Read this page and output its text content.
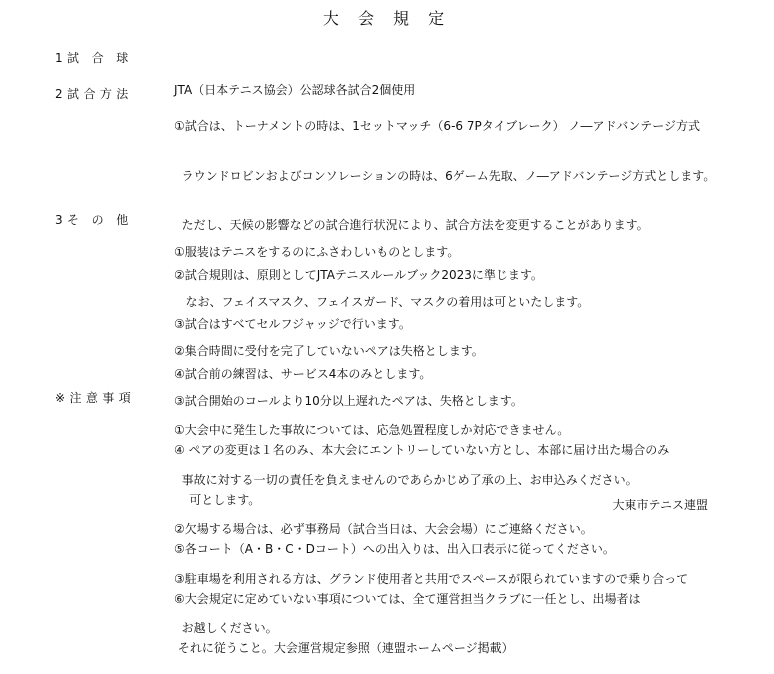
大 会 規 定
1 試　合　球

JTA（日本テニス協会）公認球各試合2個使用

2 試 合 方 法

①試合は、トーナメントの時は、1セットマッチ（6-6 7Pタイブレーク） ノ―アドバンテージ方式

ラウンドロビンおよびコンソレーションの時は、6ゲーム先取、ノ―アドバンテージ方式とします。

ただし、天候の影響などの試合進行状況により、試合方法を変更することがあります。

②試合規則は、原則としてJTAテニスルールブック2023に準じます。

③試合はすべてセルフジャッジで行います。

④試合前の練習は、サービス4本のみとします。

3 そ　の　他

①服装はテニスをするのにふさわしいものとします。

なお、フェイスマスク、フェイスガード、マスクの着用は可といたします。

②集合時間に受付を完了していないペアは失格とします。

③試合開始のコールより10分以上遅れたペアは、失格とします。

④ ペアの変更は１名のみ、本大会にエントリーしていない方とし、本部に届け出た場合のみ

可とします。

⑤各コート（A・B・C・Dコート）への出入りは、出入口表示に従ってください。

⑥大会規定に定めていない事項については、全て運営担当クラブに一任とし、出場者は

それに従うこと。大会運営規定参照（連盟ホームページ掲載）

※ 注 意 事 項

①大会中に発生した事故については、応急処置程度しか対応できません。

事故に対する一切の責任を負えませんのであらかじめ了承の上、お申込みください。

②欠場する場合は、必ず事務局（試合当日は、大会会場）にご連絡ください。

③駐車場を利用される方は、グランド使用者と共用でスペースが限られていますので乗り合って

お越しください。

大東市テニス連盟
